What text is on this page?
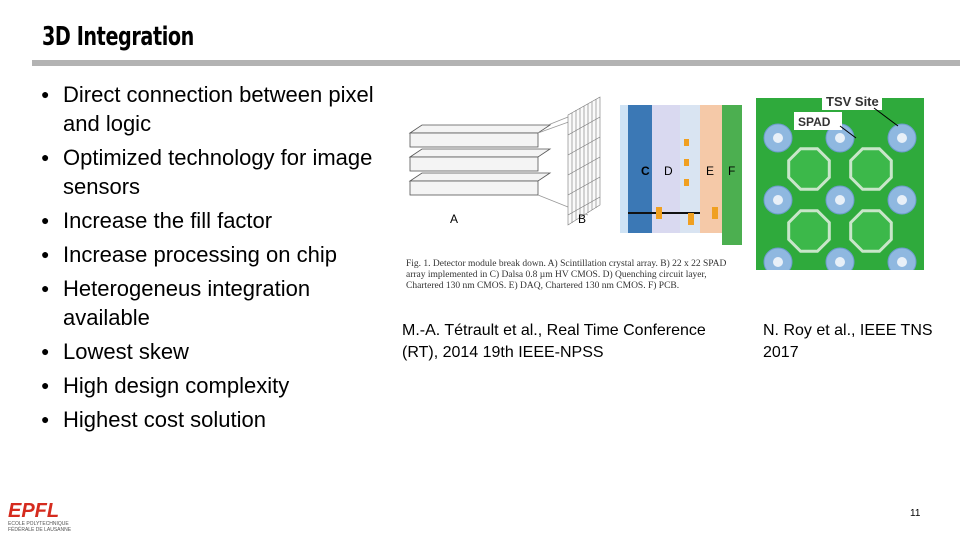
3D Integration
● Direct connection between pixel and logic
● Optimized technology for image sensors
● Increase the fill factor
● Increase processing on chip
● Heterogeneus integration available
● Lowest skew
● High design complexity
● Highest cost solution
A	B
C D	E F
Fig. 1. Detector module break down. A) Scintillation crystal array. B) 22 x 22 SPAD array implemented in C) Dalsa 0.8 µm HV CMOS. D) Quenching circuit layer, Chartered 130 nm CMOS. E) DAQ, Chartered 130 nm CMOS. F) PCB.
TSV Site
SPAD
M.-A. Tétrault et al., Real Time Conference (RT), 2014 19th IEEE-NPSS
N. Roy et al., IEEE TNS 2017
EPFL
ÉCOLE POLYTECHNIQUE FÉDÉRALE DE LAUSANNE
11
